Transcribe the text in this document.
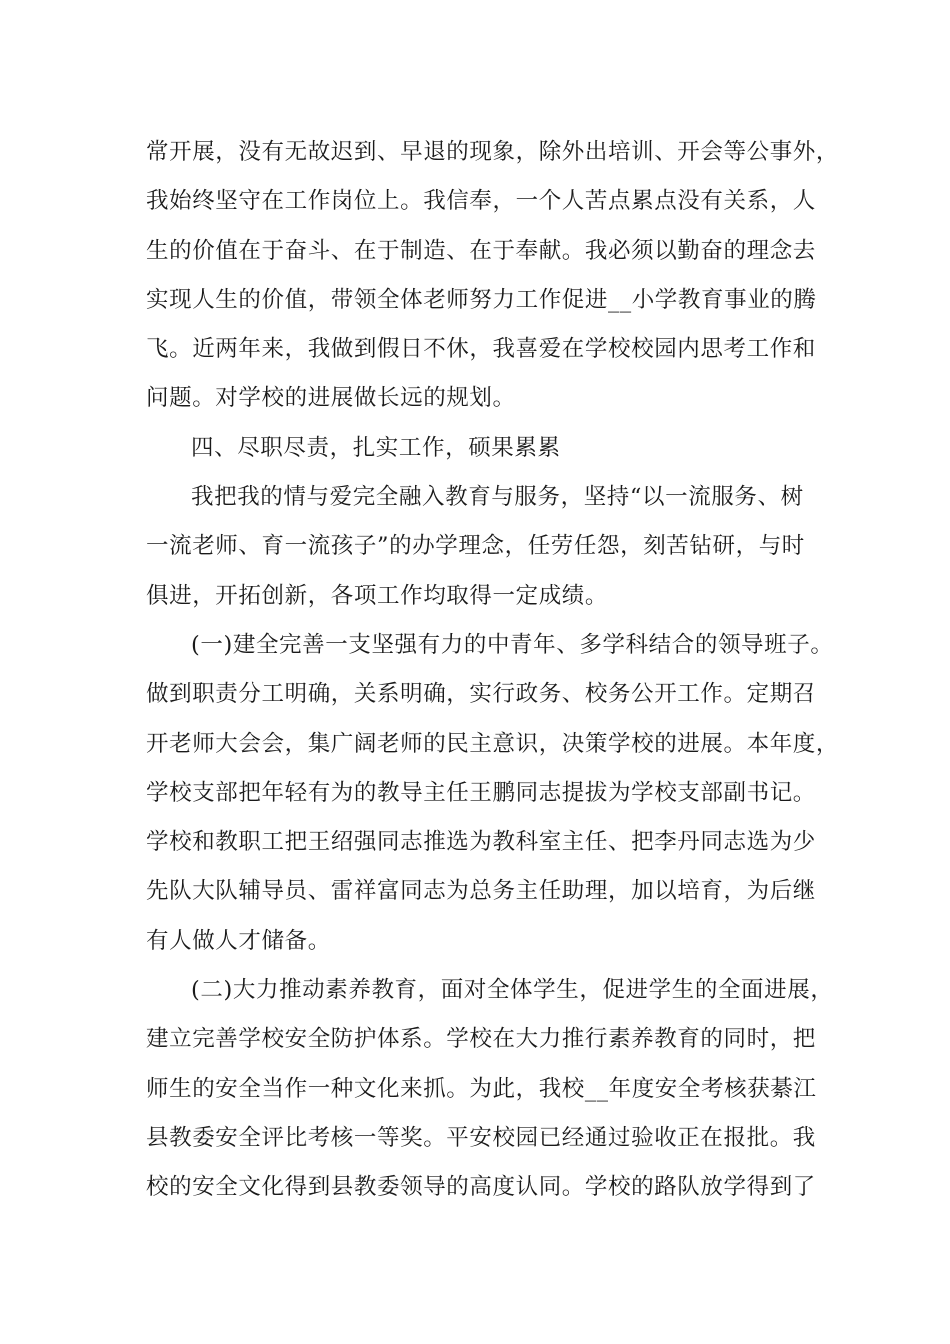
常开展，没有无故迟到、早退的现象，除外出培训、开会等公事外，
我始终坚守在工作岗位上。我信奉，一个人苦点累点没有关系，人
生的价值在于奋斗、在于制造、在于奉献。我必须以勤奋的理念去
实现人生的价值，带领全体老师努力工作促进__小学教育事业的腾
飞。近两年来，我做到假日不休，我喜爱在学校校园内思考工作和
问题。对学校的进展做长远的规划。
四、尽职尽责，扎实工作，硕果累累
我把我的情与爱完全融入教育与服务，坚持“以一流服务、树
一流老师、育一流孩子”的办学理念，任劳任怨，刻苦钻研，与时
俱进，开拓创新，各项工作均取得一定成绩。
(一)建全完善一支坚强有力的中青年、多学科结合的领导班子。
做到职责分工明确，关系明确，实行政务、校务公开工作。定期召
开老师大会会，集广阔老师的民主意识，决策学校的进展。本年度，
学校支部把年轻有为的教导主任王鹏同志提拔为学校支部副书记。
学校和教职工把王绍强同志推选为教科室主任、把李丹同志选为少
先队大队辅导员、雷祥富同志为总务主任助理，加以培育，为后继
有人做人才储备。
(二)大力推动素养教育，面对全体学生，促进学生的全面进展，
建立完善学校安全防护体系。学校在大力推行素养教育的同时，把
师生的安全当作一种文化来抓。为此，我校__年度安全考核获綦江
县教委安全评比考核一等奖。平安校园已经通过验收正在报批。我
校的安全文化得到县教委领导的高度认同。学校的路队放学得到了
